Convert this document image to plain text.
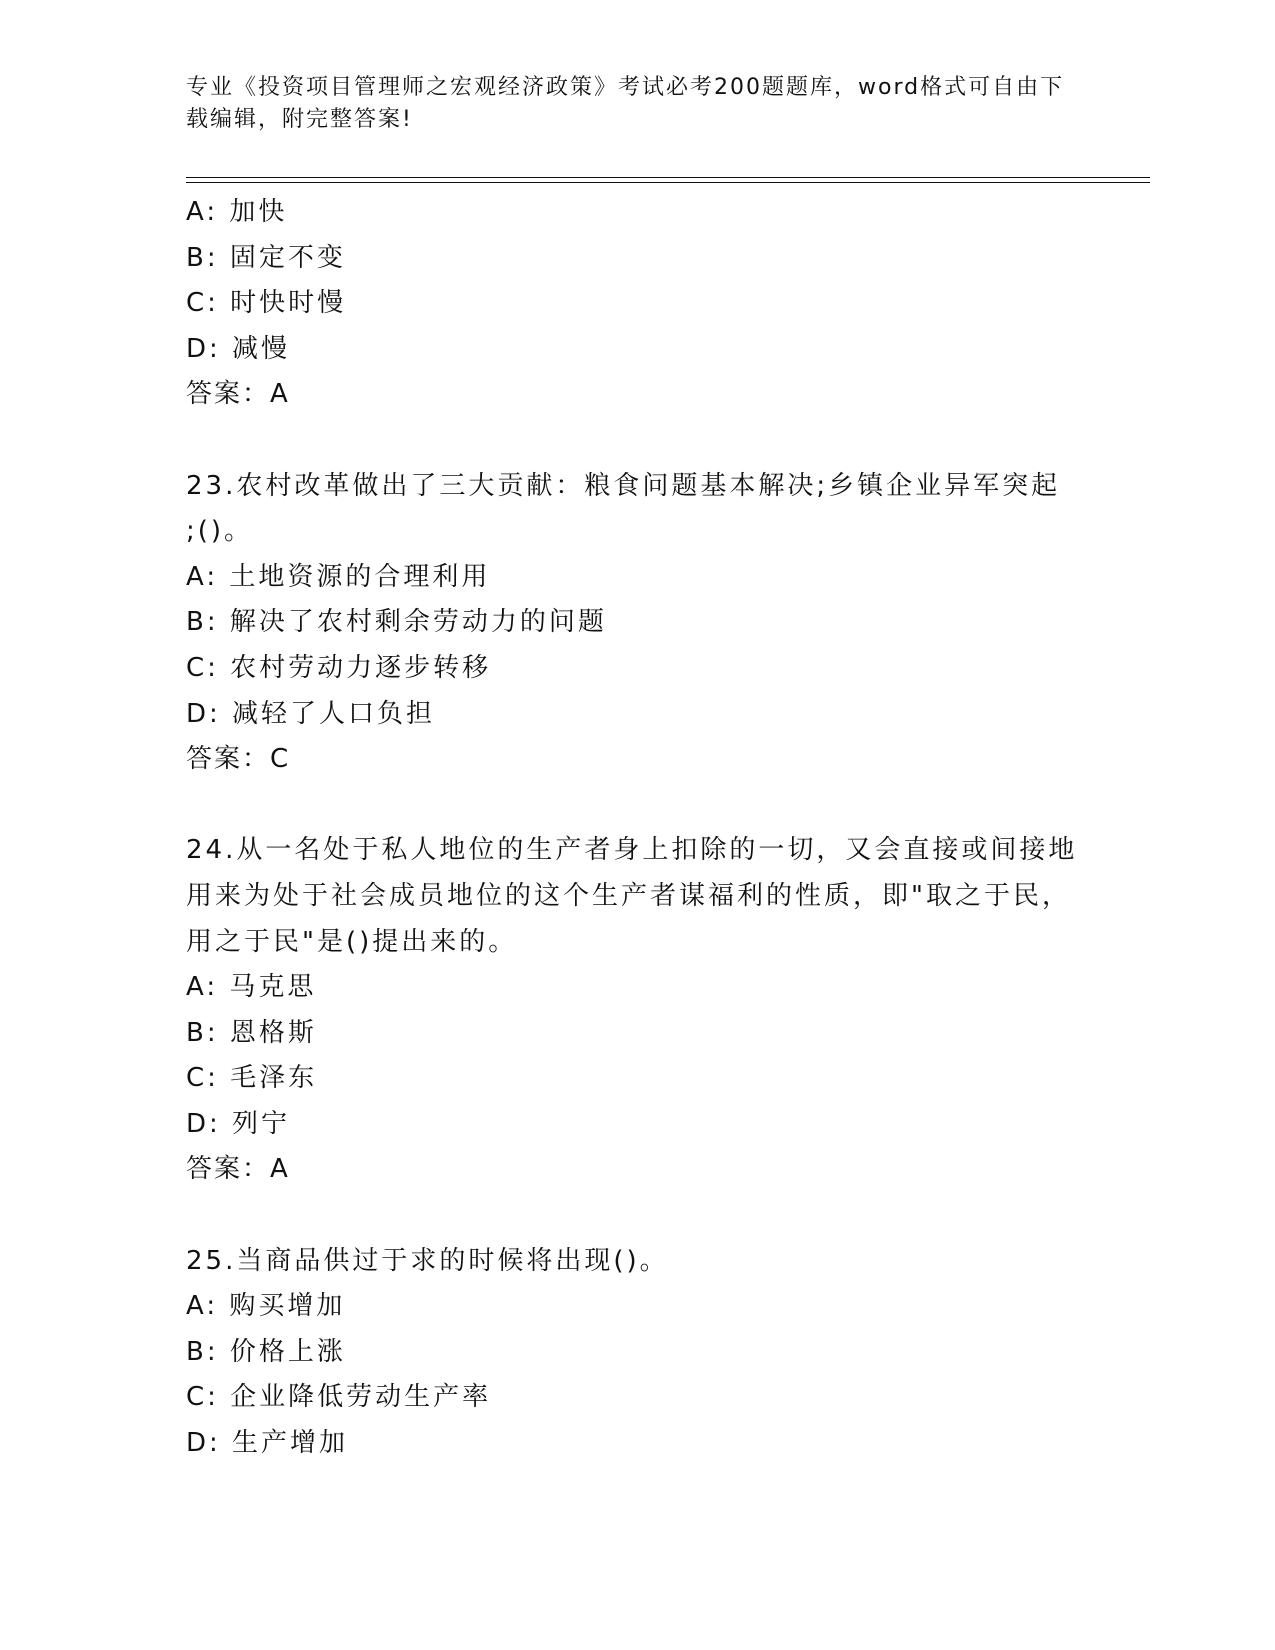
专业《投资项目管理师之宏观经济政策》考试必考200题题库，word格式可自由下载编辑，附完整答案!
A: 加快
B: 固定不变
C: 时快时慢
D: 减慢
答案：A
23.农村改革做出了三大贡献：粮食问题基本解决;乡镇企业异军突起
;()。
A: 土地资源的合理利用
B: 解决了农村剩余劳动力的问题
C: 农村劳动力逐步转移
D: 减轻了人口负担
答案：C
24.从一名处于私人地位的生产者身上扣除的一切，又会直接或间接地
用来为处于社会成员地位的这个生产者谋福利的性质，即"取之于民，
用之于民"是()提出来的。
A: 马克思
B: 恩格斯
C: 毛泽东
D: 列宁
答案：A
25.当商品供过于求的时候将出现()。
A: 购买增加
B: 价格上涨
C: 企业降低劳动生产率
D: 生产增加
